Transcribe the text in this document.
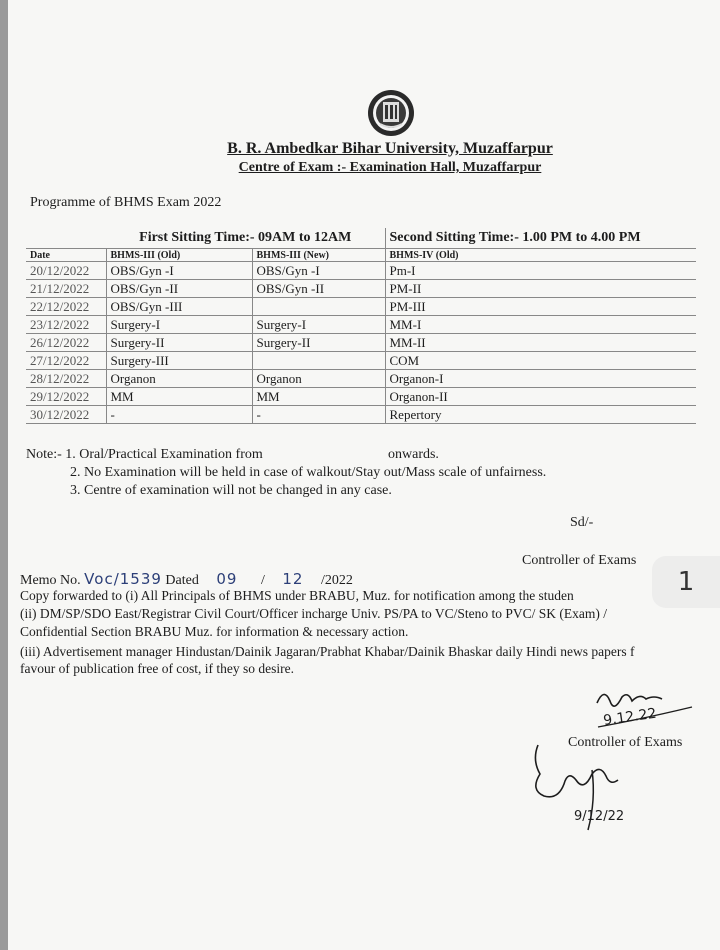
B. R. Ambedkar Bihar University, Muzaffarpur
Centre of Exam :- Examination Hall, Muzaffarpur
Programme of BHMS Exam 2022
	First Sitting Time:- 09AM to 12AM		Second Sitting Time:- 1.00 PM to 4.00 PM
Date	BHMS-III (Old)	BHMS-III (New)	BHMS-IV (Old)
20/12/2022	OBS/Gyn -I	OBS/Gyn -I	Pm-I
21/12/2022	OBS/Gyn -II	OBS/Gyn -II	PM-II
22/12/2022	OBS/Gyn -III		PM-III
23/12/2022	Surgery-I	Surgery-I	MM-I
26/12/2022	Surgery-II	Surgery-II	MM-II
27/12/2022	Surgery-III		COM
28/12/2022	Organon	Organon	Organon-I
29/12/2022	MM	MM	Organon-II
30/12/2022	-	-	Repertory
Note:- 1. Oral/Practical Examination from	onwards.
2. No Examination will be held in case of walkout/Stay out/Mass scale of unfairness.
3. Centre of examination will not be changed in any case.
Sd/-
Controller of Exams
Memo No. Voc/1539 Dated 09 / 12 /2022
Copy forwarded to (i) All Principals of BHMS under BRABU, Muz. for notification among the studen
(ii) DM/SP/SDO East/Registrar Civil Court/Officer incharge Univ. PS/PA to VC/Steno to PVC/ SK (Exam) /
Confidential Section BRABU Muz. for information & necessary action.
(iii) Advertisement manager Hindustan/Dainik Jagaran/Prabhat Khabar/Dainik Bhaskar daily Hindi news papers f
favour of publication free of cost, if they so desire.
1
9.12.22
Controller of Exams
9/12/22
